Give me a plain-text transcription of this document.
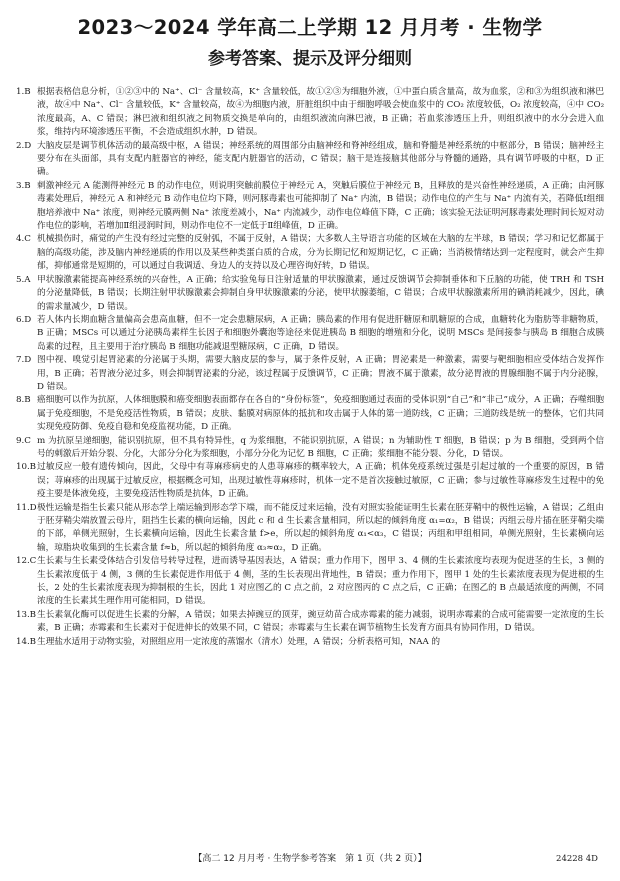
2023～2024 学年高二上学期 12 月月考 · 生物学
参考答案、提示及评分细则

1.B 根据表格信息分析，①②③中的 Na⁺、Cl⁻ 含量较高，K⁺ 含量较低，故①②③为细胞外液，①中蛋白质含量高，故为血浆，②和③为组织液和淋巴液，故④中 Na⁺、Cl⁻ 含量较低，K⁺ 含量较高，故④为细胞内液，肝脏组织中由于细胞呼吸会使血浆中的 CO₂ 浓度较低，O₂ 浓度较高，④中 CO₂ 浓度最高，A、C 错误；淋巴液和组织液之间物质交换是单向的，由组织液流向淋巴液，B 正确；若血浆渗透压上升，则组织液中的水分会进入血浆，维持内环境渗透压平衡，不会造成组织水肿，D 错误。

2.D 大脑皮层是调节机体活动的最高级中枢，A 错误；神经系统的周围部分由脑神经和脊神经组成，脑和脊髓是神经系统的中枢部分，B 错误；脑神经主要分布在头面部，具有支配内脏器官的神经，能支配内脏器官的活动，C 错误；脑干是连接脑其他部分与脊髓的通路，具有调节呼吸的中枢，D 正确。

3.B 刺激神经元 A 能测得神经元 B 的动作电位，则说明突触前膜位于神经元 A，突触后膜位于神经元 B，且释放的是兴奋性神经递质，A 正确；由河豚毒素处理后，神经元 A 和神经元 B 动作电位均下降，则河豚毒素也可能抑制了 Na⁺ 内流，B 错误；动作电位的产生与 Na⁺ 内流有关，若降低Ⅰ组细胞培养液中 Na⁺ 浓度，则神经元膜两侧 Na⁺ 浓度差减小，Na⁺ 内流减少，动作电位峰值下降，C 正确；该实验无法证明河豚毒素处理时间长短对动作电位的影响，若增加Ⅱ组浸润时间，则动作电位不一定低于Ⅱ组峰值，D 正确。

4.C 机械损伤时，痛觉的产生没有经过完整的反射弧，不属于反射，A 错误；大多数人主导语言功能的区域在大脑的左半球，B 错误；学习和记忆都属于脑的高级功能，涉及脑内神经递质的作用以及某些种类蛋白质的合成，分为长期记忆和短期记忆，C 正确；当消极情绪达到一定程度时，就会产生抑郁，抑郁通常是短期的，可以通过自我调适、身边人的支持以及心理咨询好转，D 错误。

5.A 甲状腺激素能提高神经系统的兴奋性，A 正确；给实验兔每日注射适量的甲状腺激素，通过反馈调节会抑制垂体和下丘脑的功能，使 TRH 和 TSH 的分泌量降低，B 错误；长期注射甲状腺激素会抑制自身甲状腺激素的分泌，使甲状腺萎缩，C 错误；合成甲状腺激素所用的碘消耗减少，因此，碘的需求量减少，D 错误。

6.D 若人体内长期血糖含量偏高会患高血糖，但不一定会患糖尿病，A 正确；胰岛素的作用有促进肝糖原和肌糖原的合成，血糖转化为脂肪等非糖物质，B 正确；MSCs 可以通过分泌胰岛素样生长因子和细胞外囊泡等途径来促进胰岛 B 细胞的增殖和分化，说明 MSCs 是间接参与胰岛 B 细胞合成胰岛素的过程，且主要用于治疗胰岛 B 细胞功能减退型糖尿病，C 正确，D 错误。

7.D 图中视、嗅觉引起胃泌素的分泌属于头期，需要大脑皮层的参与，属于条件反射，A 正确；胃泌素是一种激素，需要与靶细胞相应受体结合发挥作用，B 正确；若胃液分泌过多，则会抑制胃泌素的分泌，该过程属于反馈调节，C 正确；胃液不属于激素，故分泌胃液的胃腺细胞不属于内分泌腺，D 错误。

8.B 癌细胞可以作为抗原，人体细胞膜和癌变细胞表面都存在各自的“身份标签”，免疫细胞通过表面的受体识别“自己”和“非己”成分，A 正确；吞噬细胞属于免疫细胞，不是免疫活性物质，B 错误；皮肤、黏膜对病原体的抵抗和攻击属于人体的第一道防线，C 正确；三道防线是统一的整体，它们共同实现免疫防御、免疫自稳和免疫监视功能，D 正确。

9.C m 为抗原呈递细胞，能识别抗原，但不具有特异性，q 为浆细胞，不能识别抗原，A 错误；n 为辅助性 T 细胞，B 错误；p 为 B 细胞，受到两个信号的刺激后开始分裂、分化，大部分分化为浆细胞，小部分分化为记忆 B 细胞，C 正确；浆细胞不能分裂、分化，D 错误。

10.B 过敏反应一般有遗传倾向，因此，父母中有荨麻疹病史的人患荨麻疹的概率较大，A 正确；机体免疫系统过强是引起过敏的一个重要的原因，B 错误；荨麻疹的出现属于过敏反应，根据概念可知，出现过敏性荨麻疹时，机体一定不是首次接触过敏原，C 正确；参与过敏性荨麻疹发生过程中的免疫主要是体液免疫，主要免疫活性物质是抗体，D 正确。

11.D 极性运输是指生长素只能从形态学上端运输到形态学下端，而不能反过来运输，没有对照实验能证明生长素在胚芽鞘中的极性运输，A 错误；乙组由于胚芽鞘尖端放置云母片，阻挡生长素的横向运输，因此 c 和 d 生长素含量相同，所以起的倾斜角度 α₁=α₂，B 错误；丙组云母片插在胚芽鞘尖端的下部，单侧光照射，生长素横向运输，因此生长素含量 f>e，所以起的倾斜角度 α₁<α₃，C 错误；丙组和甲组相同，单侧光照射，生长素横向运输，琼脂块收集到的生长素含量 f≈b，所以起的倾斜角度 α₃≈α₂，D 正确。

12.C 生长素与生长素受体结合引发信号转导过程，进而诱导基因表达，A 错误；重力作用下，图甲 3、4 侧的生长素浓度均表现为促进茎的生长，3 侧的生长素浓度低于 4 侧，3 侧的生长素促进作用低于 4 侧，茎的生长表现出背地性，B 错误；重力作用下，图甲 1 处的生长素浓度表现为促进根的生长，2 处的生长素浓度表现为抑制根的生长，因此 1 对应图乙的 C 点之前，2 对应图丙的 C 点之后，C 正确；在图乙的 B 点最适浓度的两侧，不同浓度的生长素其生理作用可能相同，D 错误。

13.B 生长素氧化酶可以促进生长素的分解，A 错误；如果去掉豌豆的顶芽，豌豆幼苗合成赤霉素的能力减弱，说明赤霉素的合成可能需要一定浓度的生长素，B 正确；赤霉素和生长素对于促进伸长的效果不同，C 错误；赤霉素与生长素在调节植物生长发育方面具有协同作用，D 错误。

14.B 生理盐水适用于动物实验，对照组应用一定浓度的蒸馏水（清水）处理，A 错误；分析表格可知，NAA 的

【高二 12 月月考 · 生物学参考答案　第 1 页（共 2 页）】	24228 4D
